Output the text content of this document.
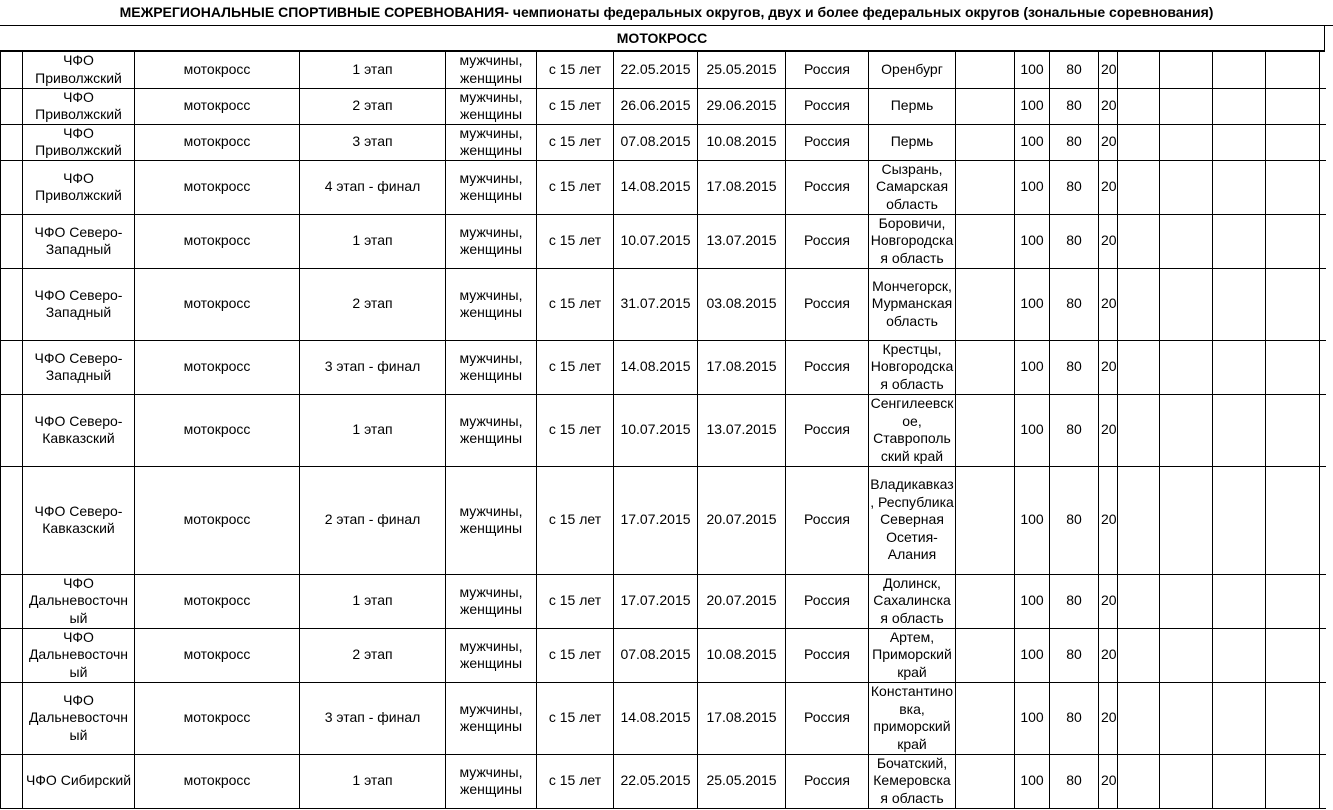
МЕЖРЕГИОНАЛЬНЫЕ СПОРТИВНЫЕ СОРЕВНОВАНИЯ- чемпионаты федеральных округов, двух и более федеральных округов (зональные соревнования)
МОТОКРОСС
	ЧФО Приволжский	мотокросс	1 этап	мужчины, женщины	с 15 лет	22.05.2015	25.05.2015	Россия	Оренбург		100	80	20					
	ЧФО Приволжский	мотокросс	2 этап	мужчины, женщины	с 15 лет	26.06.2015	29.06.2015	Россия	Пермь		100	80	20					
	ЧФО Приволжский	мотокросс	3 этап	мужчины, женщины	с 15 лет	07.08.2015	10.08.2015	Россия	Пермь		100	80	20					
	ЧФО Приволжский	мотокросс	4 этап - финал	мужчины, женщины	с 15 лет	14.08.2015	17.08.2015	Россия	Сызрань, Самарская область		100	80	20					
	ЧФО Северо-Западный	мотокросс	1 этап	мужчины, женщины	с 15 лет	10.07.2015	13.07.2015	Россия	Боровичи, Новгородская область		100	80	20					
	ЧФО Северо-Западный	мотокросс	2 этап	мужчины, женщины	с 15 лет	31.07.2015	03.08.2015	Россия	Мончегорск, Мурманская область		100	80	20					
	ЧФО Северо-Западный	мотокросс	3 этап - финал	мужчины, женщины	с 15 лет	14.08.2015	17.08.2015	Россия	Крестцы, Новгородская область		100	80	20					
	ЧФО Северо-Кавказский	мотокросс	1 этап	мужчины, женщины	с 15 лет	10.07.2015	13.07.2015	Россия	Сенгилеевское, Ставропольский край		100	80	20					
	ЧФО Северо-Кавказский	мотокросс	2 этап - финал	мужчины, женщины	с 15 лет	17.07.2015	20.07.2015	Россия	Владикавказ, Республика Северная Осетия-Алания		100	80	20					
	ЧФО Дальневосточный	мотокросс	1 этап	мужчины, женщины	с 15 лет	17.07.2015	20.07.2015	Россия	Долинск, Сахалинская область		100	80	20					
	ЧФО Дальневосточный	мотокросс	2 этап	мужчины, женщины	с 15 лет	07.08.2015	10.08.2015	Россия	Артем, Приморский край		100	80	20					
	ЧФО Дальневосточный	мотокросс	3 этап - финал	мужчины, женщины	с 15 лет	14.08.2015	17.08.2015	Россия	Константиновка, приморский край		100	80	20					
	ЧФО Сибирский	мотокросс	1 этап	мужчины, женщины	с 15 лет	22.05.2015	25.05.2015	Россия	Бочатский, Кемеровская область		100	80	20					
